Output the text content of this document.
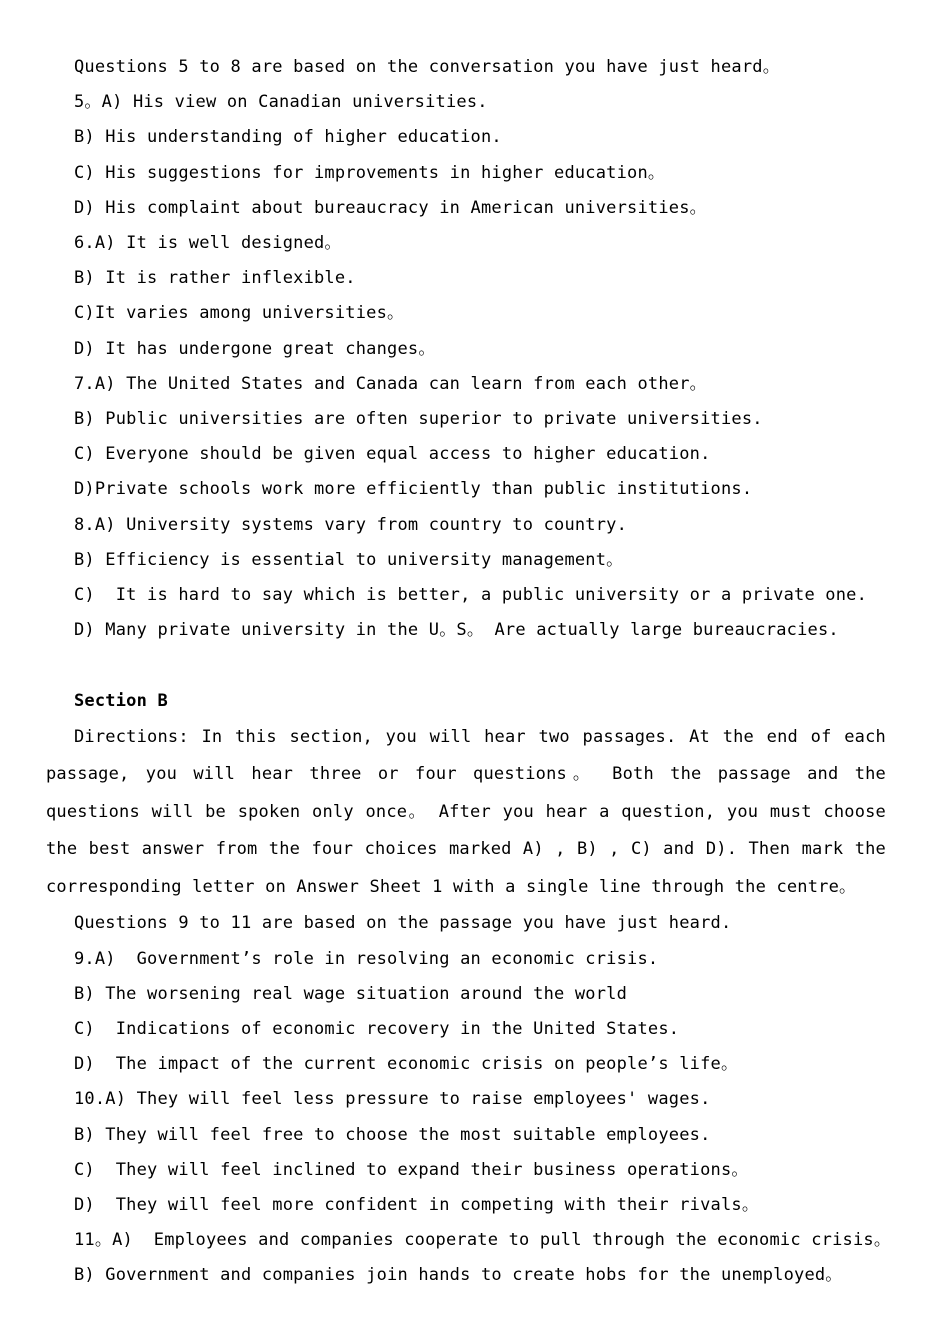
Questions 5 to 8 are based on the conversation you have just heard。

5。A) His view on Canadian universities.

B) His understanding of higher education.

C) His suggestions for improvements in higher education。

D) His complaint about bureaucracy in American universities。

6.A) It is well designed。

B) It is rather inflexible.

C)It varies among universities。

D) It has undergone great changes。

7.A) The United States and Canada can learn from each other。

B) Public universities are often superior to private universities.

C) Everyone should be given equal access to higher education.

D)Private schools work more efficiently than public institutions.

8.A) University systems vary from country to country.

B) Efficiency is essential to university management。

C)  It is hard to say which is better, a public university or a private one.

D) Many private university in the U。S。 Are actually large bureaucracies.

Section B

Directions: In this section, you will hear two passages. At the end of each passage, you will hear three or four questions。 Both the passage and the questions will be spoken only once。 After you hear a question, you must choose the best answer from the four choices marked A) , B) , C) and D). Then mark the corresponding letter on Answer Sheet 1 with a single line through the centre。

Questions 9 to 11 are based on the passage you have just heard.

9.A)  Government’s role in resolving an economic crisis.

B) The worsening real wage situation around the world

C)  Indications of economic recovery in the United States.

D)  The impact of the current economic crisis on people’s life。

10.A) They will feel less pressure to raise employees' wages.

B) They will feel free to choose the most suitable employees.

C)  They will feel inclined to expand their business operations。

D)  They will feel more confident in competing with their rivals。

11。A)  Employees and companies cooperate to pull through the economic crisis。

B) Government and companies join hands to create hobs for the unemployed。
